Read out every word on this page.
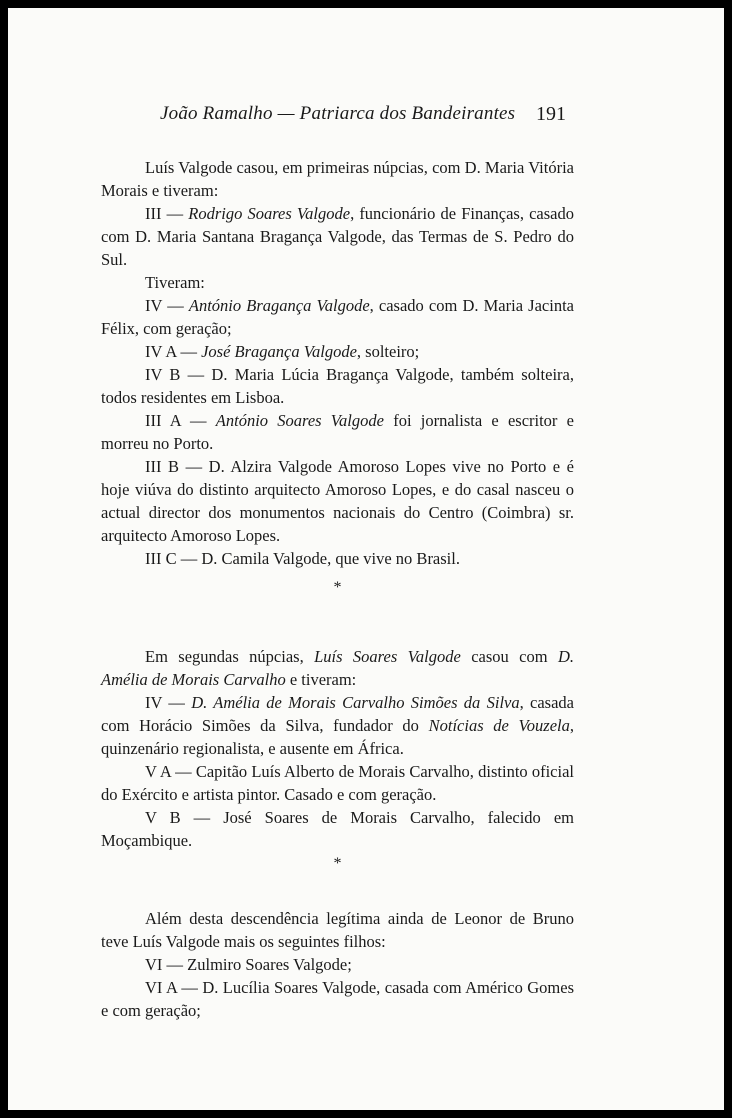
João Ramalho — Patriarca dos Bandeirantes 191

Luís Valgode casou, em primeiras núpcias, com D. Maria Vitória Morais e tiveram:

III — Rodrigo Soares Valgode, funcionário de Finanças, casado com D. Maria Santana Bragança Valgode, das Termas de S. Pedro do Sul.

Tiveram:

IV — António Bragança Valgode, casado com D. Maria Jacinta Félix, com geração;

IV A — José Bragança Valgode, solteiro;

IV B — D. Maria Lúcia Bragança Valgode, também solteira, todos residentes em Lisboa.

III A — António Soares Valgode foi jornalista e escritor e morreu no Porto.

III B — D. Alzira Valgode Amoroso Lopes vive no Porto e é hoje viúva do distinto arquitecto Amoroso Lopes, e do casal nasceu o actual director dos monumentos nacionais do Centro (Coimbra) sr. arquitecto Amoroso Lopes.

III C — D. Camila Valgode, que vive no Brasil.

*

Em segundas núpcias, Luís Soares Valgode casou com D. Amélia de Morais Carvalho e tiveram:

IV — D. Amélia de Morais Carvalho Simões da Silva, casada com Horácio Simões da Silva, fundador do Notícias de Vouzela, quinzenário regionalista, e ausente em África.

V A — Capitão Luís Alberto de Morais Carvalho, distinto oficial do Exército e artista pintor. Casado e com geração.

V B — José Soares de Morais Carvalho, falecido em Moçambique.

*

Além desta descendência legítima ainda de Leonor de Bruno teve Luís Valgode mais os seguintes filhos:

VI — Zulmiro Soares Valgode;

VI A — D. Lucília Soares Valgode, casada com Américo Gomes e com geração;
